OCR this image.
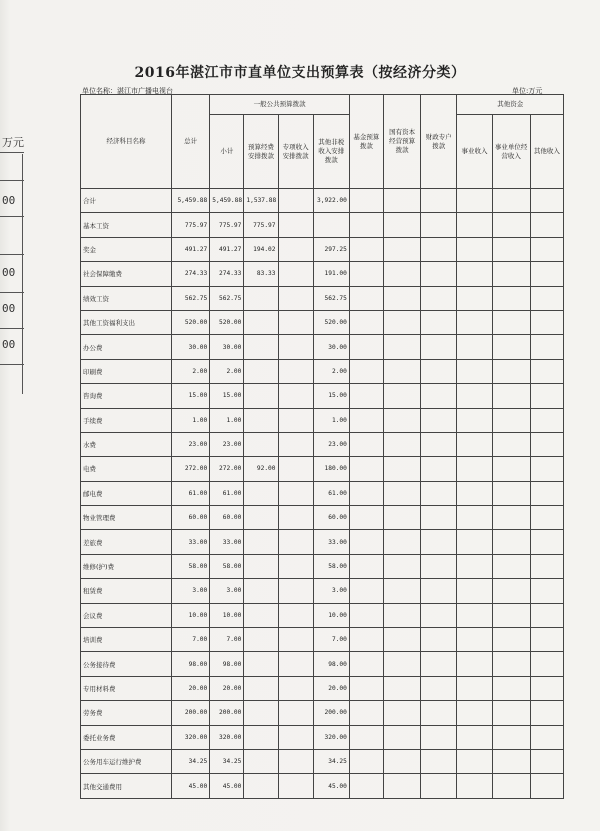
万元
00
00
00
00
2016年湛江市市直单位支出预算表（按经济分类）
单位名称：湛江市广播电视台	单位:万元
经济科目名称	总计	一般公共预算拨款				基金预算拨款	国有资本经营预算拨款	财政专户拨款	其他资金		
		小计	预算经费安排拨款	专项收入安排拨款	其他非税收入安排拨款				事业收入	事业单位经营收入	其他收入
合计	5,459.88	5,459.88	1,537.88		3,922.00						
基本工资	775.97	775.97	775.97								
奖金	491.27	491.27	194.02		297.25						
社会保障缴费	274.33	274.33	83.33		191.00						
绩效工资	562.75	562.75			562.75						
其他工资福利支出	520.00	520.00			520.00						
办公费	30.00	30.00			30.00						
印刷费	2.00	2.00			2.00						
咨询费	15.00	15.00			15.00						
手续费	1.00	1.00			1.00						
水费	23.00	23.00			23.00						
电费	272.00	272.00	92.00		180.00						
邮电费	61.00	61.00			61.00						
物业管理费	60.00	60.00			60.00						
差旅费	33.00	33.00			33.00						
维修(护)费	58.00	58.00			58.00						
租赁费	3.00	3.00			3.00						
会议费	10.00	10.00			10.00						
培训费	7.00	7.00			7.00						
公务接待费	98.00	98.00			98.00						
专用材料费	20.00	20.00			20.00						
劳务费	200.00	200.00			200.00						
委托业务费	320.00	320.00			320.00						
公务用车运行维护费	34.25	34.25			34.25						
其他交通费用	45.00	45.00			45.00						
